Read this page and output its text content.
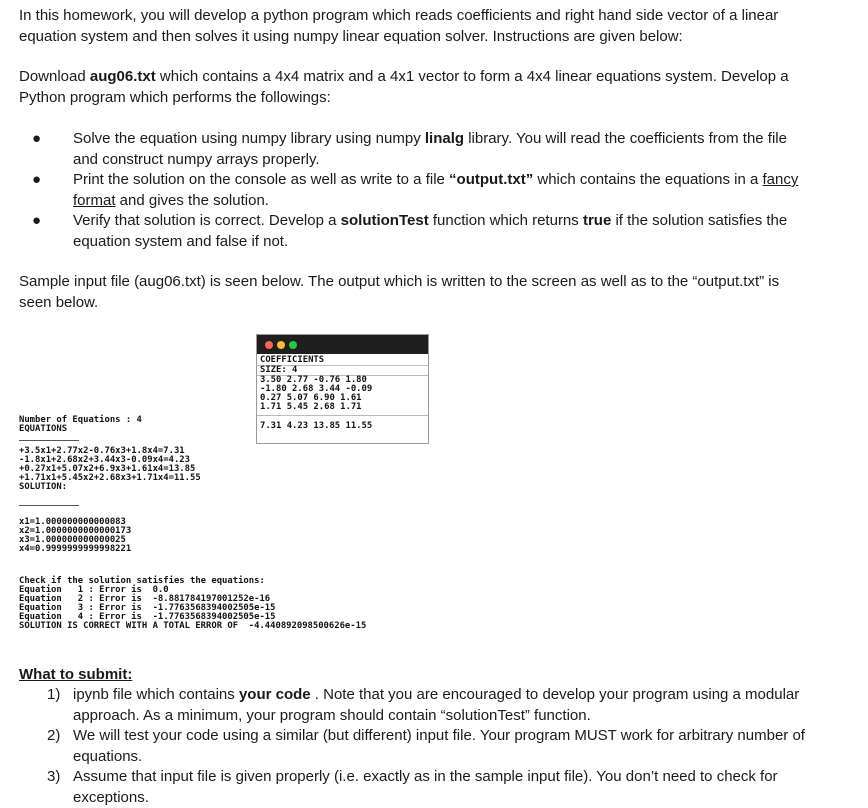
In this homework, you will develop a python program which reads coefficients and right hand side vector of a linear
equation system and then solves it using numpy linear equation solver. Instructions are given below:
Download aug06.txt which contains a 4x4 matrix and a 4x1 vector to form a 4x4 linear equations system. Develop a
Python program which performs the followings:
●	Solve the equation using numpy library using numpy linalg library. You will read the coefficients from the file
and construct numpy arrays properly.
●	Print the solution on the console as well as write to a file “output.txt” which contains the equations in a fancy
format and gives the solution.
●	Verify that solution is correct. Develop a solutionTest function which returns true if the solution satisfies the
equation system and false if not.
Sample input file (aug06.txt) is seen below. The output which is written to the screen as well as to the “output.txt” is
seen below.
COEFFICIENTS
SIZE: 4
3.50 2.77 -0.76 1.80
-1.80 2.68 3.44 -0.09
0.27 5.07 6.90 1.61
1.71 5.45 2.68 1.71
7.31 4.23 13.85 11.55
Number of Equations : 4
EQUATIONS
+3.5x1+2.77x2-0.76x3+1.8x4=7.31
-1.8x1+2.68x2+3.44x3-0.09x4=4.23
+0.27x1+5.07x2+6.9x3+1.61x4=13.85
+1.71x1+5.45x2+2.68x3+1.71x4=11.55
SOLUTION:
x1=1.000000000000083
x2=1.0000000000000173
x3=1.000000000000025
x4=0.9999999999998221
Check if the solution satisfies the equations:
Equation   1 : Error is  0.0
Equation   2 : Error is  -8.881784197001252e-16
Equation   3 : Error is  -1.7763568394002505e-15
Equation   4 : Error is  -1.7763568394002505e-15
SOLUTION IS CORRECT WITH A TOTAL ERROR OF  -4.440892098500626e-15
What to submit:
1) ipynb file which contains your code . Note that you are encouraged to develop your program using a modular
approach. As a minimum, your program should contain “solutionTest” function.
2) We will test your code using a similar (but different) input file. Your program MUST work for arbitrary number of
equations.
3) Assume that input file is given properly (i.e. exactly as in the sample input file). You don’t need to check for
exceptions.
